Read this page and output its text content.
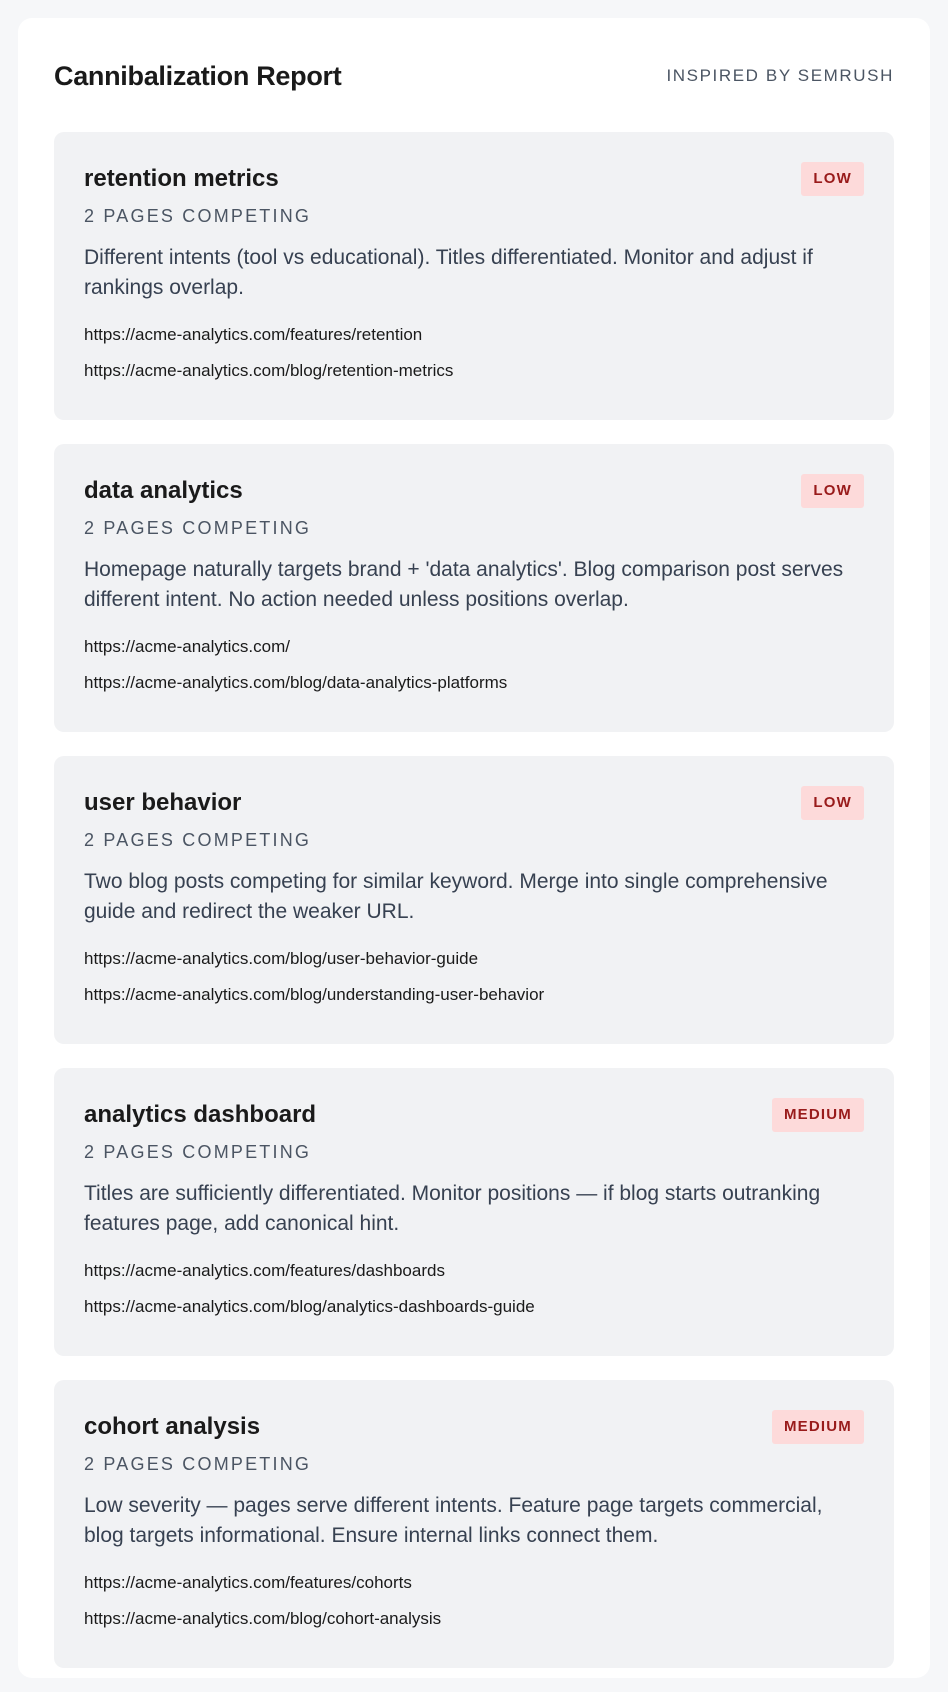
Cannibalization Report	INSPIRED BY SEMRUSH
retention metrics	LOW
2 PAGES COMPETING
Different intents (tool vs educational). Titles differentiated. Monitor and adjust if rankings overlap.
https://acme-analytics.com/features/retention
https://acme-analytics.com/blog/retention-metrics
data analytics	LOW
2 PAGES COMPETING
Homepage naturally targets brand + 'data analytics'. Blog comparison post serves different intent. No action needed unless positions overlap.
https://acme-analytics.com/
https://acme-analytics.com/blog/data-analytics-platforms
user behavior	LOW
2 PAGES COMPETING
Two blog posts competing for similar keyword. Merge into single comprehensive guide and redirect the weaker URL.
https://acme-analytics.com/blog/user-behavior-guide
https://acme-analytics.com/blog/understanding-user-behavior
analytics dashboard	MEDIUM
2 PAGES COMPETING
Titles are sufficiently differentiated. Monitor positions — if blog starts outranking features page, add canonical hint.
https://acme-analytics.com/features/dashboards
https://acme-analytics.com/blog/analytics-dashboards-guide
cohort analysis	MEDIUM
2 PAGES COMPETING
Low severity — pages serve different intents. Feature page targets commercial, blog targets informational. Ensure internal links connect them.
https://acme-analytics.com/features/cohorts
https://acme-analytics.com/blog/cohort-analysis
